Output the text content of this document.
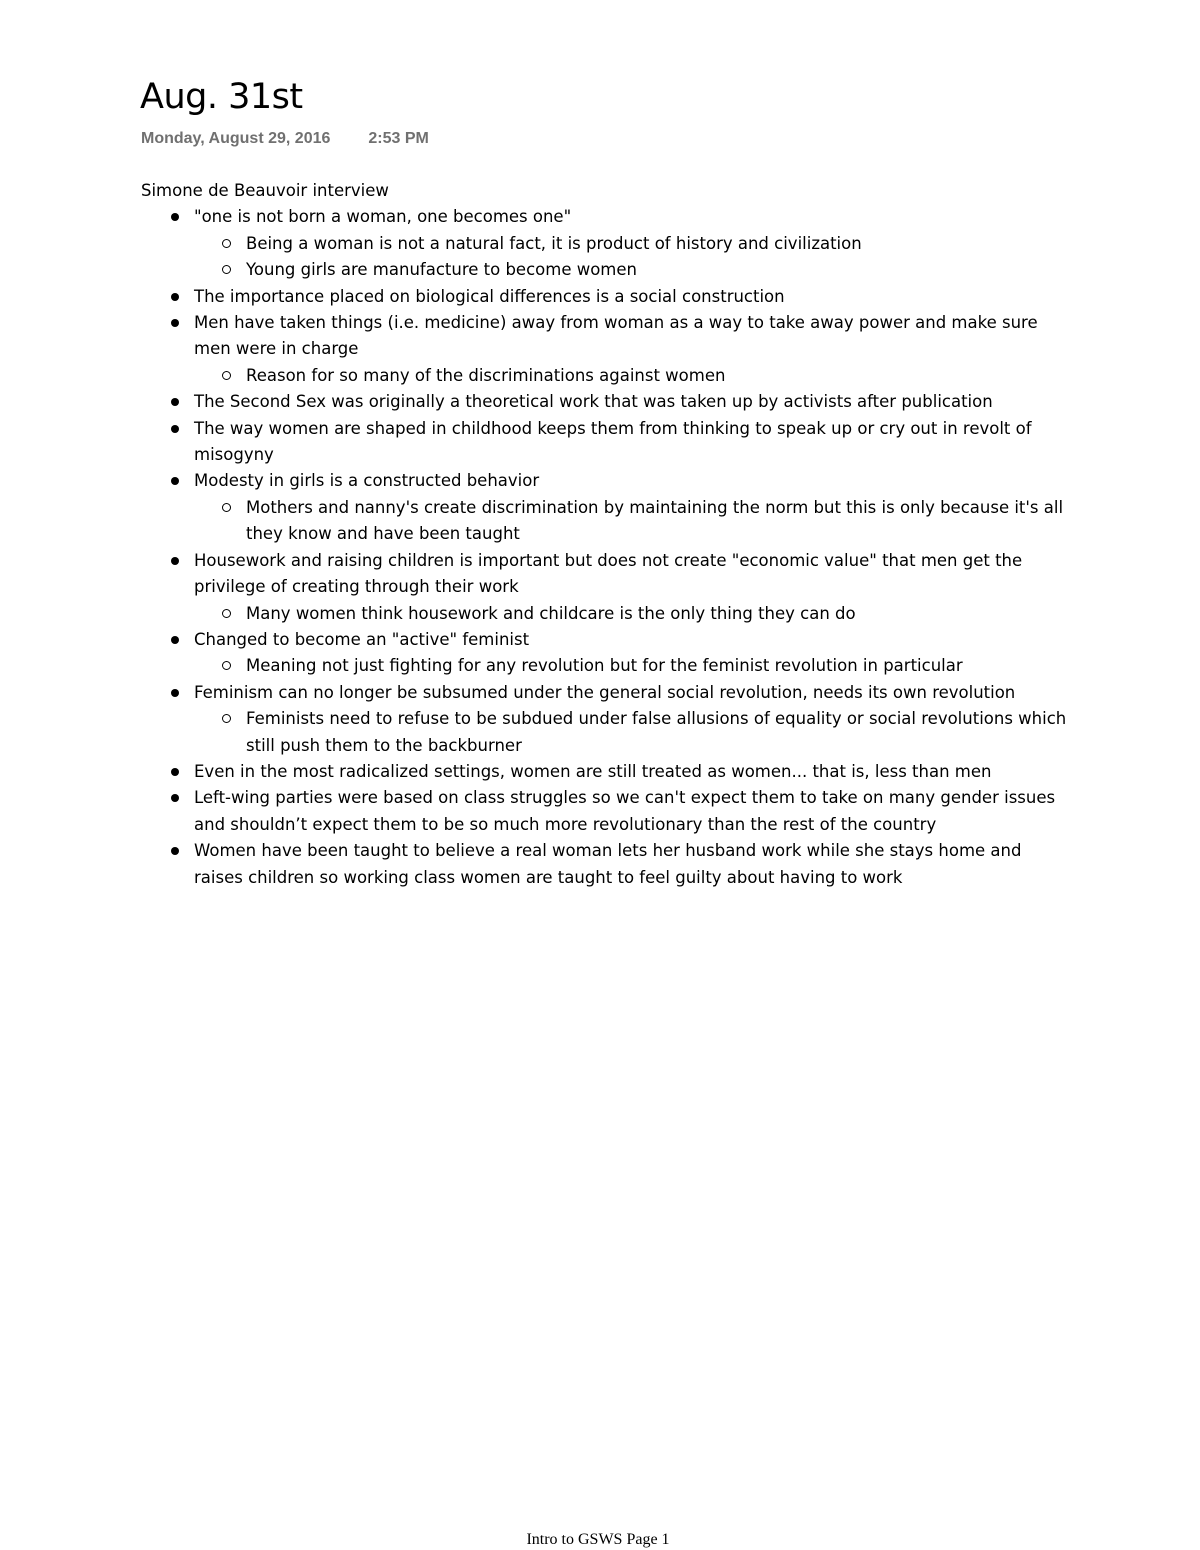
Aug. 31st
Monday, August 29, 2016 2:53 PM

Simone de Beauvoir interview

"one is not born a woman, one becomes one"
Being a woman is not a natural fact, it is product of history and civilization
Young girls are manufacture to become women
The importance placed on biological differences is a social construction
Men have taken things (i.e. medicine) away from woman as a way to take away power and make sure men were in charge
Reason for so many of the discriminations against women
The Second Sex was originally a theoretical work that was taken up by activists after publication
The way women are shaped in childhood keeps them from thinking to speak up or cry out in revolt of misogyny
Modesty in girls is a constructed behavior
Mothers and nanny's create discrimination by maintaining the norm but this is only because it's all they know and have been taught
Housework and raising children is important but does not create "economic value" that men get the privilege of creating through their work
Many women think housework and childcare is the only thing they can do
Changed to become an "active" feminist
Meaning not just fighting for any revolution but for the feminist revolution in particular
Feminism can no longer be subsumed under the general social revolution, needs its own revolution
Feminists need to refuse to be subdued under false allusions of equality or social revolutions which still push them to the backburner
Even in the most radicalized settings, women are still treated as women... that is, less than men
Left-wing parties were based on class struggles so we can't expect them to take on many gender issues and shouldn’t expect them to be so much more revolutionary than the rest of the country
Women have been taught to believe a real woman lets her husband work while she stays home and raises children so working class women are taught to feel guilty about having to work
Intro to GSWS Page 1
